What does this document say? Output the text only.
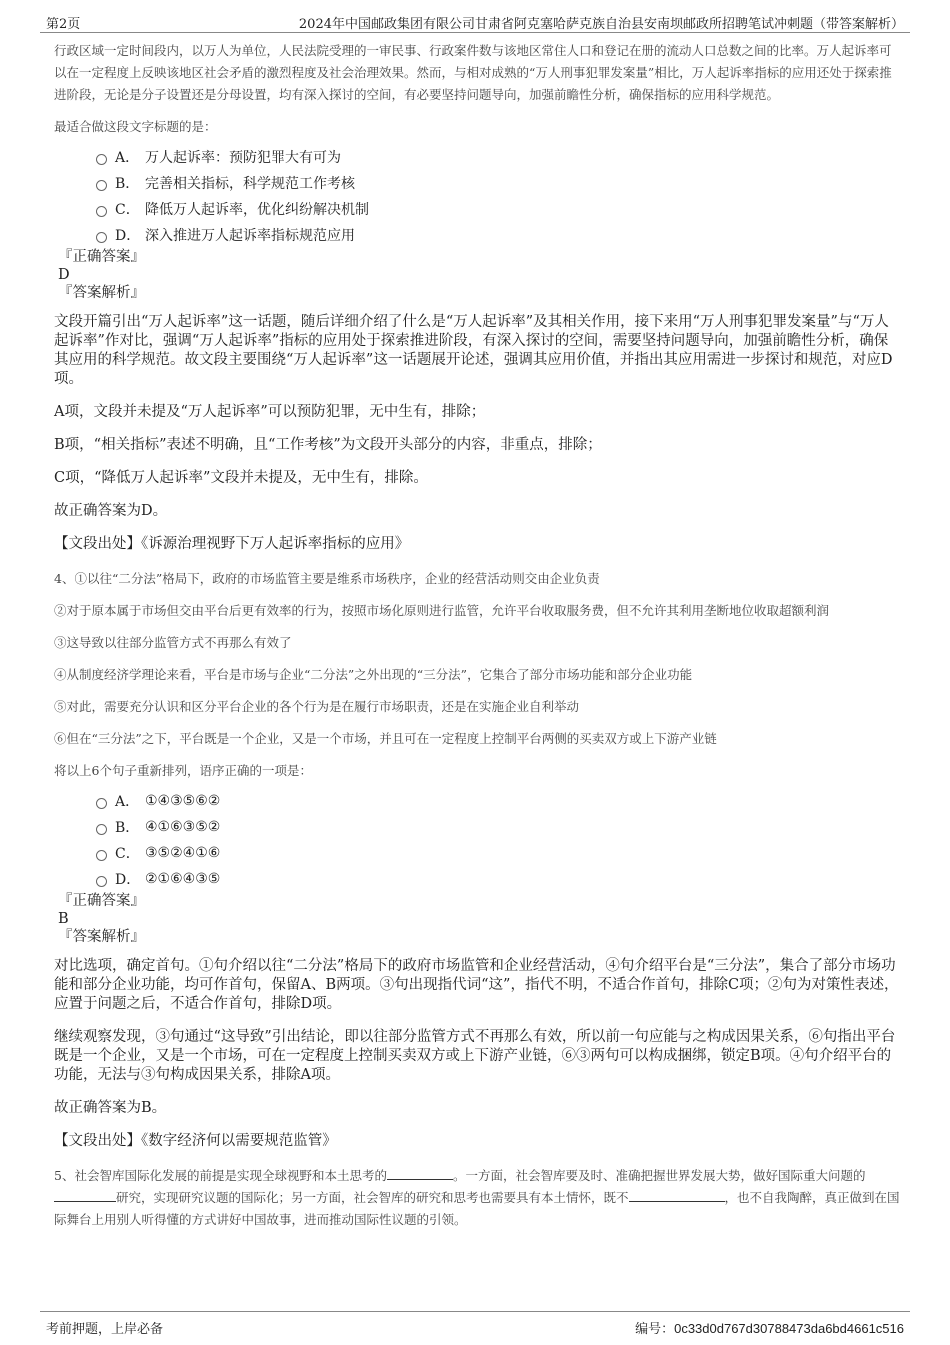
第2页	2024年中国邮政集团有限公司甘肃省阿克塞哈萨克族自治县安南坝邮政所招聘笔试冲刺题（带答案解析）

行政区域一定时间段内，以万人为单位，人民法院受理的一审民事、行政案件数与该地区常住人口和登记在册的流动人口总数之间的比率。万人起诉率可以在一定程度上反映该地区社会矛盾的激烈程度及社会治理效果。然而，与相对成熟的“万人刑事犯罪发案量”相比，万人起诉率指标的应用还处于探索推进阶段，无论是分子设置还是分母设置，均有深入探讨的空间，有必要坚持问题导向，加强前瞻性分析，确保指标的应用科学规范。

最适合做这段文字标题的是：

A． 万人起诉率：预防犯罪大有可为
B． 完善相关指标，科学规范工作考核
C． 降低万人起诉率，优化纠纷解决机制
D． 深入推进万人起诉率指标规范应用

『正确答案』

D

『答案解析』

文段开篇引出“万人起诉率”这一话题，随后详细介绍了什么是“万人起诉率”及其相关作用，接下来用“万人刑事犯罪发案量”与“万人起诉率”作对比，强调“万人起诉率”指标的应用处于探索推进阶段，有深入探讨的空间，需要坚持问题导向，加强前瞻性分析，确保其应用的科学规范。故文段主要围绕“万人起诉率”这一话题展开论述，强调其应用价值，并指出其应用需进一步探讨和规范，对应D项。

A项，文段并未提及“万人起诉率”可以预防犯罪，无中生有，排除；

B项，“相关指标”表述不明确，且“工作考核”为文段开头部分的内容，非重点，排除；

C项，“降低万人起诉率”文段并未提及，无中生有，排除。

故正确答案为D。

【文段出处】《诉源治理视野下万人起诉率指标的应用》

4、①以往“二分法”格局下，政府的市场监管主要是维系市场秩序，企业的经营活动则交由企业负责

②对于原本属于市场但交由平台后更有效率的行为，按照市场化原则进行监管，允许平台收取服务费，但不允许其利用垄断地位收取超额利润

③这导致以往部分监管方式不再那么有效了

④从制度经济学理论来看，平台是市场与企业“二分法”之外出现的“三分法”，它集合了部分市场功能和部分企业功能

⑤对此，需要充分认识和区分平台企业的各个行为是在履行市场职责，还是在实施企业自利举动

⑥但在“三分法”之下，平台既是一个企业，又是一个市场，并且可在一定程度上控制平台两侧的买卖双方或上下游产业链

将以上6个句子重新排列，语序正确的一项是：

A． ①④③⑤⑥②
B． ④①⑥③⑤②
C． ③⑤②④①⑥
D． ②①⑥④③⑤

『正确答案』

B

『答案解析』

对比选项，确定首句。①句介绍以往“二分法”格局下的政府市场监管和企业经营活动，④句介绍平台是“三分法”，集合了部分市场功能和部分企业功能，均可作首句，保留A、B两项。③句出现指代词“这”，指代不明，不适合作首句，排除C项；②句为对策性表述，应置于问题之后，不适合作首句，排除D项。

继续观察发现，③句通过“这导致”引出结论，即以往部分监管方式不再那么有效，所以前一句应能与之构成因果关系，⑥句指出平台既是一个企业，又是一个市场，可在一定程度上控制买卖双方或上下游产业链，⑥③两句可以构成捆绑，锁定B项。④句介绍平台的功能，无法与③句构成因果关系，排除A项。

故正确答案为B。

【文段出处】《数字经济何以需要规范监管》

5、社会智库国际化发展的前提是实现全球视野和本土思考的	。一方面，社会智库要及时、准确把握世界发展大势，做好国际重大问题的研究，实现研究议题的国际化；另一方面，社会智库的研究和思考也需要具有本土情怀，既不	，也不自我陶醉，真正做到在国际舞台上用别人听得懂的方式讲好中国故事，进而推动国际性议题的引领。

考前押题，上岸必备	编号：0c33d0d767d30788473da6bd4661c516
